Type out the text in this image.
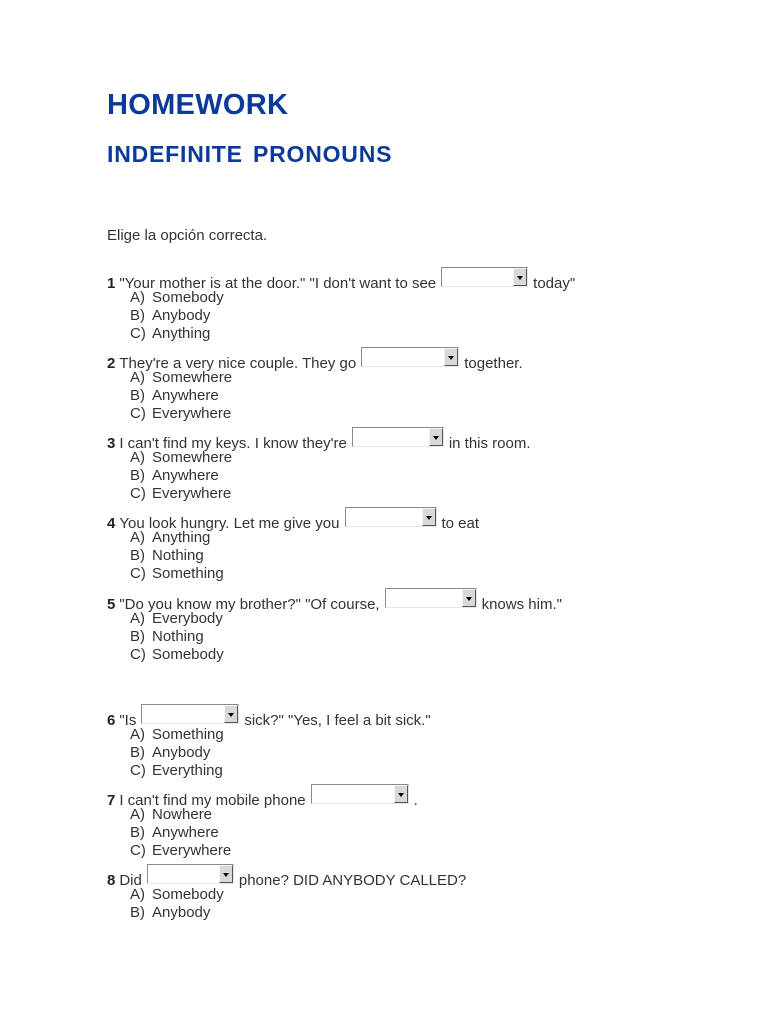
HOMEWORK
INDEFINITE PRONOUNS
Elige la opción correcta.
1 "Your mother is at the door." "I don't want to see	today"
A) Somebody
B) Anybody
C) Anything
2 They're a very nice couple. They go	together.
A) Somewhere
B) Anywhere
C) Everywhere
3 I can't find my keys. I know they're	in this room.
A) Somewhere
B) Anywhere
C) Everywhere
4 You look hungry. Let me give you	to eat
A) Anything
B) Nothing
C) Something
5 "Do you know my brother?" "Of course,	knows him."
A) Everybody
B) Nothing
C) Somebody
6 "Is	sick?" "Yes, I feel a bit sick."
A) Something
B) Anybody
C) Everything
7 I can't find my mobile phone	.
A) Nowhere
B) Anywhere
C) Everywhere
8 Did	phone? DID ANYBODY CALLED?
A) Somebody
B) Anybody
